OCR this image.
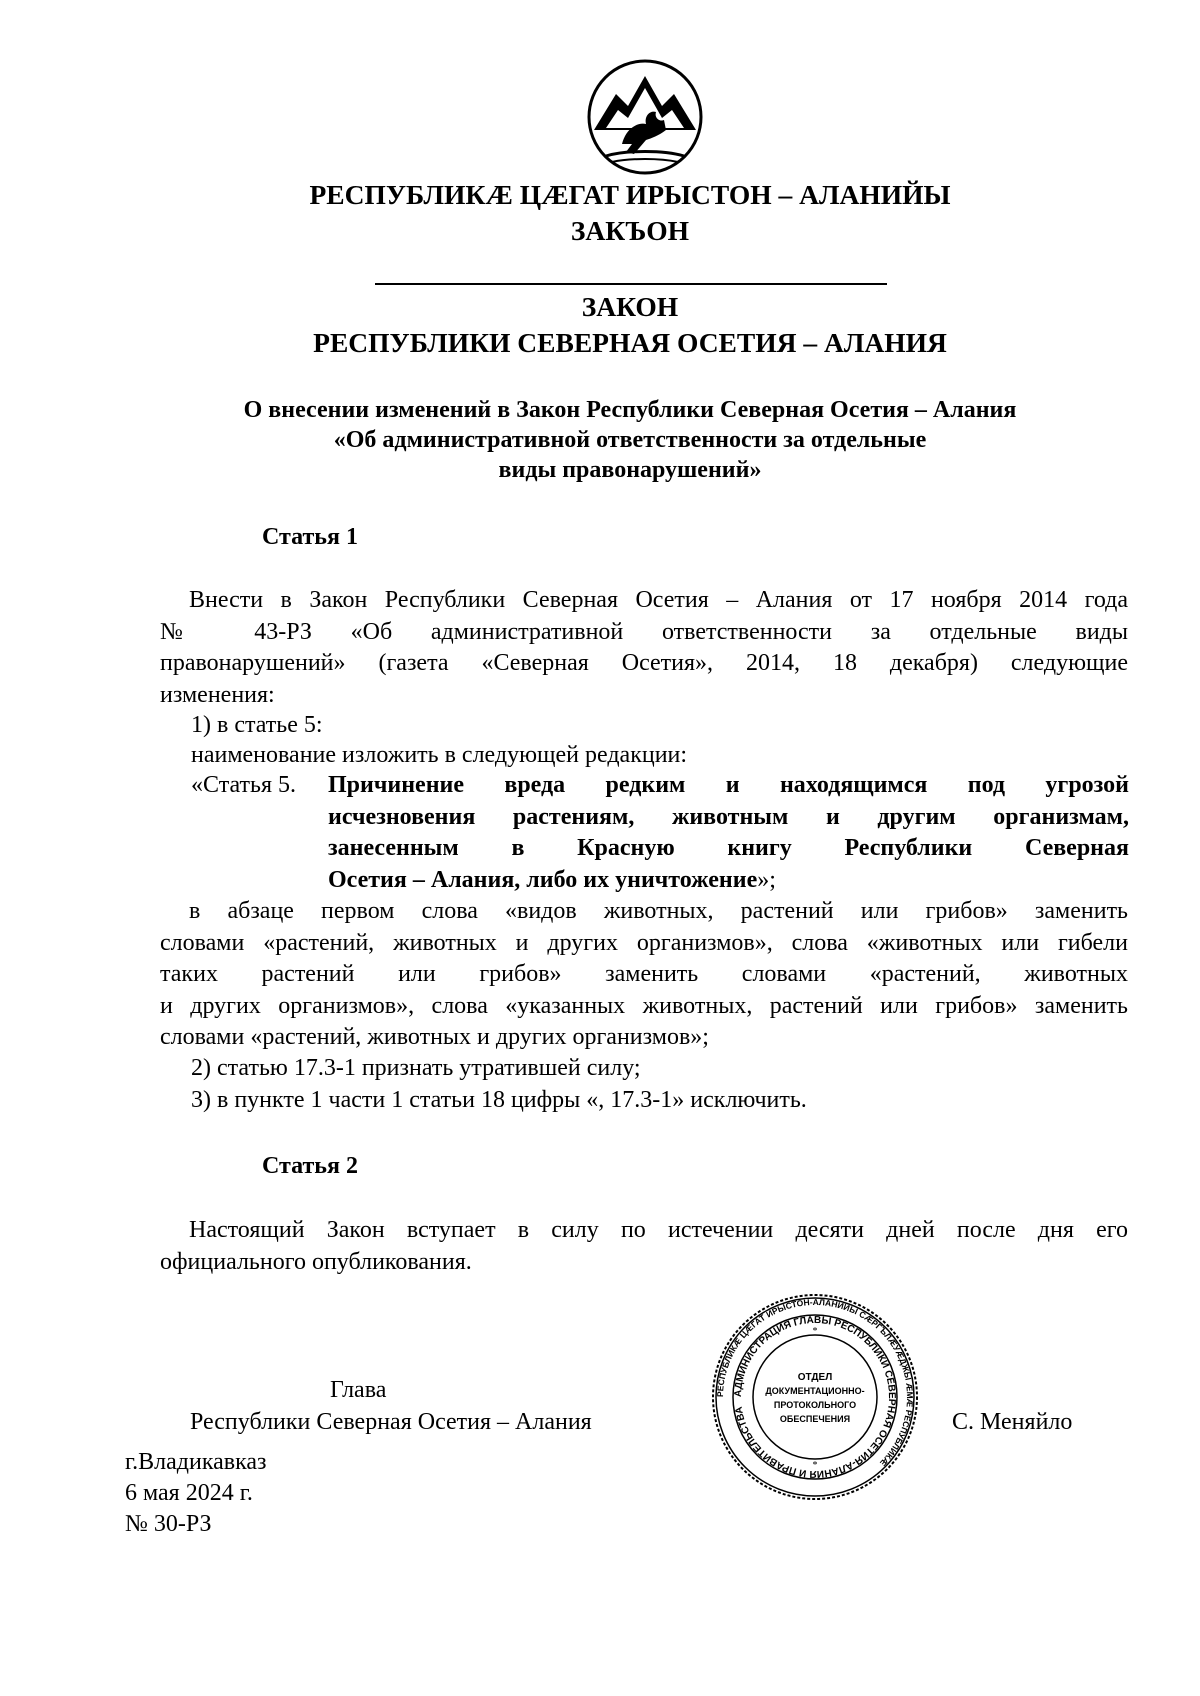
РЕСПУБЛИКÆ ЦÆГАТ ИРЫСТОН – АЛАНИЙЫ
ЗАКЪОН
ЗАКОН
РЕСПУБЛИКИ СЕВЕРНАЯ ОСЕТИЯ – АЛАНИЯ
О внесении изменений в Закон Республики Северная Осетия – Алания
«Об административной ответственности за отдельные
виды правонарушений»
Статья 1

Внести в Закон Республики Северная Осетия – Алания от 17 ноября 2014 года

№ 43-РЗ «Об административной ответственности за отдельные виды

правонарушений» (газета «Северная Осетия», 2014, 18 декабря) следующие

изменения:
1) в статье 5:
наименование изложить в следующей редакции:
«Статья 5. Причинение вреда редким и находящимся под угрозой

исчезновения растениям, животным и другим организмам,

занесенным в Красную книгу Республики Северная

Осетия – Алания, либо их уничтожение»;

в абзаце первом слова «видов животных, растений или грибов» заменить

словами «растений, животных и других организмов», слова «животных или гибели

таких растений или грибов» заменить словами «растений, животных

и других организмов», слова «указанных животных, растений или грибов» заменить

словами «растений, животных и других организмов»;
2) статью 17.3-1 признать утратившей силу;
3) в пункте 1 части 1 статьи 18 цифры «, 17.3-1» исключить.
Статья 2

Настоящий Закон вступает в силу по истечении десяти дней после дня его

официального опубликования.
Глава
Республики Северная Осетия – Алания	С. Меняйло
РЕСПУБЛИКÆ ЦÆГАТ ИРЫСТОН-АЛАНИЙЫ СÆРГЪЛÆУÆДЖЫ ÆМÆ РЕСПУБЛИКÆ
АДМИНИСТРАЦИЯ ГЛАВЫ РЕСПУБЛИКИ СЕВЕРНАЯ ОСЕТИЯ-АЛАНИЯ И ПРАВИТЕЛЬСТВА
ОТДЕЛ
ДОКУМЕНТАЦИОННО-
ПРОТОКОЛЬНОГО
ОБЕСПЕЧЕНИЯ
*
*
г.Владикавказ
6 мая 2024 г.
№ 30-РЗ
